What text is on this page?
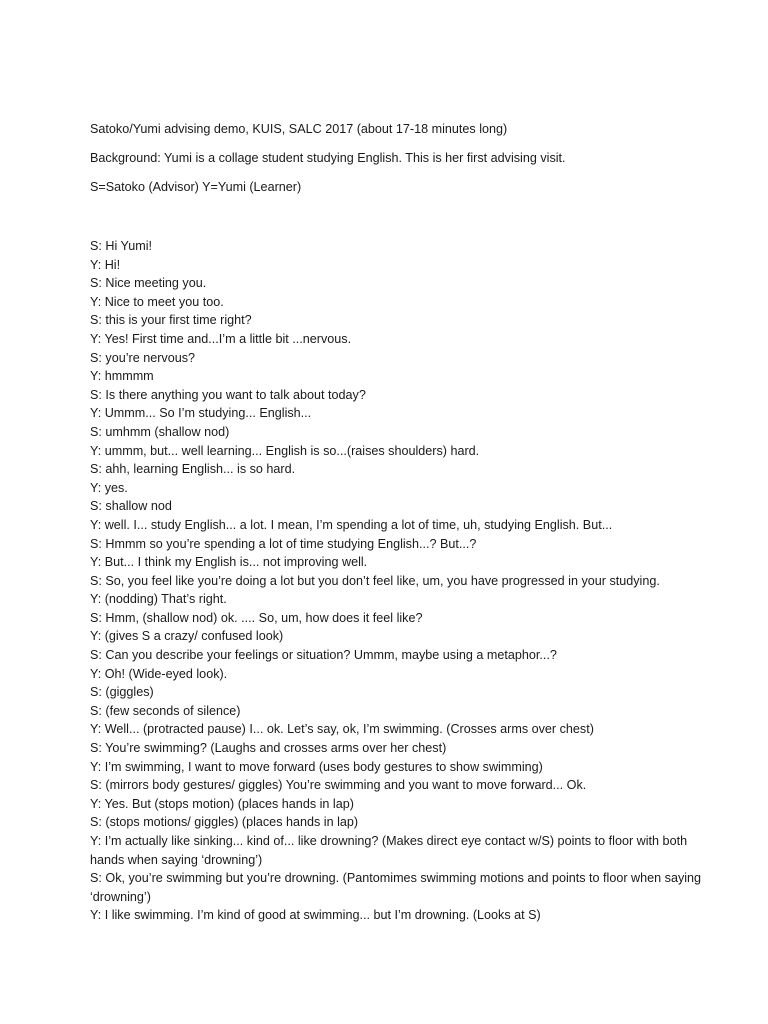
Satoko/Yumi advising demo, KUIS, SALC 2017 (about 17-18 minutes long)

Background: Yumi is a collage student studying English. This is her first advising visit.

S=Satoko (Advisor) Y=Yumi (Learner)

S: Hi Yumi!
Y: Hi!
S: Nice meeting you.
Y: Nice to meet you too.
S: this is your first time right?
Y: Yes! First time and...I’m a little bit ...nervous.
S: you’re nervous?
Y: hmmmm
S: Is there anything you want to talk about today?
Y: Ummm... So I’m studying... English...
S: umhmm (shallow nod)
Y: ummm, but... well learning... English is so...(raises shoulders) hard.
S: ahh, learning English... is so hard.
Y: yes.
S: shallow nod
Y: well. I... study English... a lot. I mean, I’m spending a lot of time, uh, studying English. But...
S: Hmmm so you’re spending a lot of time studying English...? But...?
Y: But... I think my English is... not improving well.
S: So, you feel like you’re doing a lot but you don’t feel like, um, you have progressed in your studying.
Y: (nodding) That’s right.
S: Hmm, (shallow nod) ok. .... So, um, how does it feel like?
Y: (gives S a crazy/ confused look)
S: Can you describe your feelings or situation? Ummm, maybe using a metaphor...?
Y: Oh! (Wide-eyed look).
S: (giggles)
S: (few seconds of silence)
Y: Well... (protracted pause) I... ok. Let’s say, ok, I’m swimming. (Crosses arms over chest)
S: You’re swimming? (Laughs and crosses arms over her chest)
Y: I’m swimming, I want to move forward (uses body gestures to show swimming)
S: (mirrors body gestures/ giggles) You’re swimming and you want to move forward... Ok.
Y: Yes. But (stops motion) (places hands in lap)
S: (stops motions/ giggles) (places hands in lap)
Y: I’m actually like sinking... kind of... like drowning? (Makes direct eye contact w/S) points to floor with both hands when saying ‘drowning’)
S: Ok, you’re swimming but you’re drowning. (Pantomimes swimming motions and points to floor when saying ‘drowning’)
Y: I like swimming. I’m kind of good at swimming... but I’m drowning. (Looks at S)
